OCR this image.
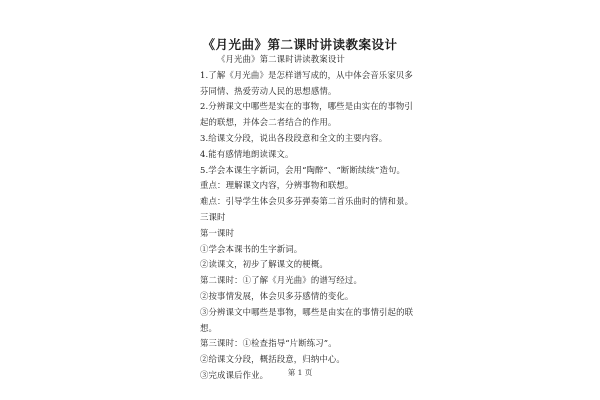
《月光曲》第二课时讲读教案设计
《月光曲》第二课时讲读教案设计
1.了解《月光曲》是怎样谱写成的，从中体会音乐家贝多
芬同情、热爱劳动人民的思想感情。
2.分辨课文中哪些是实在的事物，哪些是由实在的事物引
起的联想，并体会二者结合的作用。
3.给课文分段，说出各段段意和全文的主要内容。
4.能有感情地朗读课文。
5.学会本课生字新词，会用“陶醉”、“断断续续”造句。
重点：理解课文内容，分辨事物和联想。
难点：引导学生体会贝多芬弹奏第二首乐曲时的情和景。
三课时
第一课时
①学会本课书的生字新词。
②读课文，初步了解课文的梗概。
第二课时：①了解《月光曲》的谱写经过。
②按事情发展，体会贝多芬感情的变化。
③分辨课文中哪些是事物，哪些是由实在的事情引起的联
想。
第三课时：①检查指导“片断练习”。
②给课文分段，概括段意，归纳中心。
③完成课后作业。	第 1 页
